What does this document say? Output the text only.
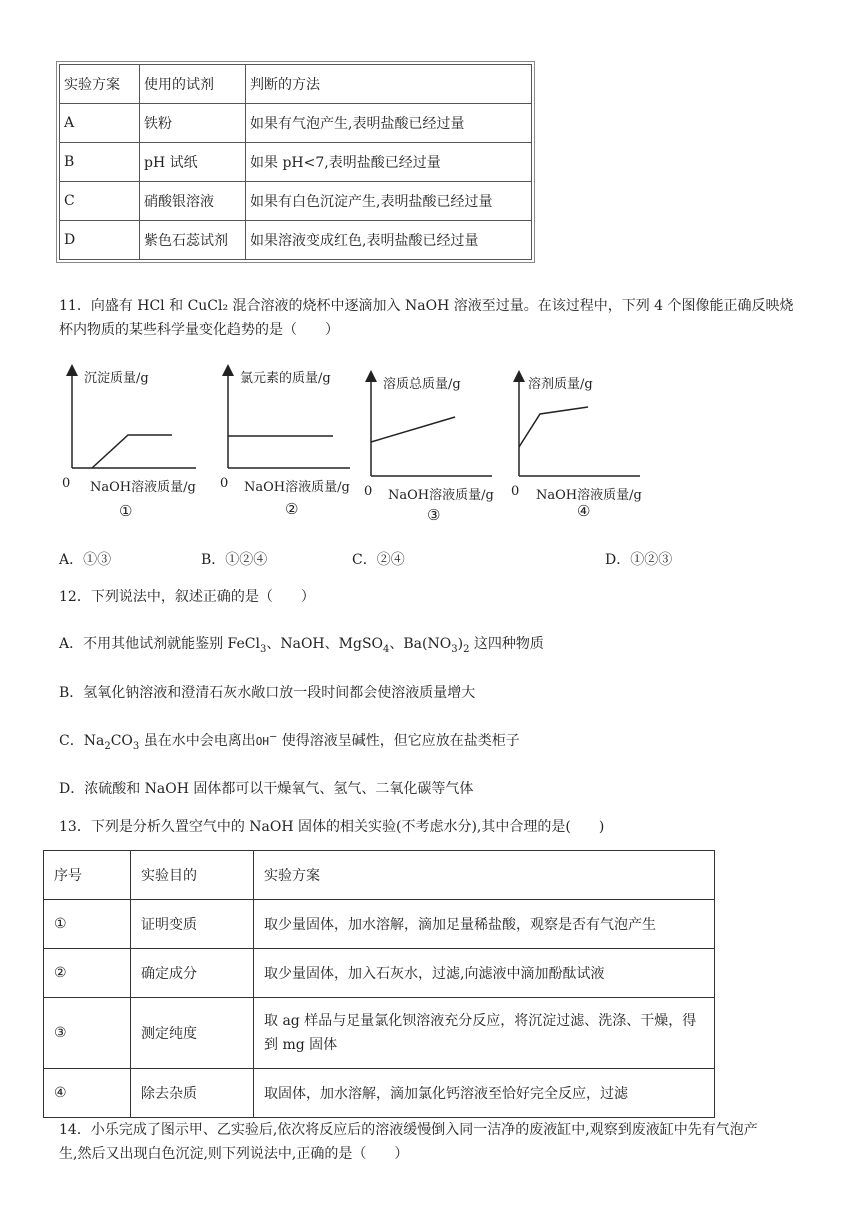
实验方案	使用的试剂	判断的方法
A	铁粉	如果有气泡产生,表明盐酸已经过量
B	pH 试纸	如果 pH<7,表明盐酸已经过量
C	硝酸银溶液	如果有白色沉淀产生,表明盐酸已经过量
D	紫色石蕊试剂	如果溶液变成红色,表明盐酸已经过量
11．向盛有 HCl 和 CuCl₂ 混合溶液的烧杯中逐滴加入 NaOH 溶液至过量。在该过程中，下列 4 个图像能正确反映烧
杯内物质的某些科学量变化趋势的是（　　）
沉淀质量/g
0 NaOH溶液质量/g
①
氯元素的质量/g
0 NaOH溶液质量/g
②
溶质总质量/g
0 NaOH溶液质量/g
③
溶剂质量/g
0 NaOH溶液质量/g
④
A．①③	B．①②④	C．②④	D．①②③
12．下列说法中，叙述正确的是（　　）
A．不用其他试剂就能鉴别 FeCl$_3$、NaOH、MgSO$_4$、$Ba(NO_3)_2$ 这四种物质
B．氢氧化钠溶液和澄清石灰水敞口放一段时间都会使溶液质量增大
C．$Na_2CO_3$ 虽在水中会电离出OH− 使得溶液呈碱性，但它应放在盐类柜子
D．浓硫酸和 NaOH 固体都可以干燥氧气、氢气、二氧化碳等气体
13．下列是分析久置空气中的 NaOH 固体的相关实验(不考虑水分),其中合理的是(　　)
序号	实验目的	实验方案
①	证明变质	取少量固体，加水溶解，滴加足量稀盐酸，观察是否有气泡产生
②	确定成分	取少量固体，加入石灰水，过滤,向滤液中滴加酚酞试液
③	测定纯度	取 ag 样品与足量氯化钡溶液充分反应，将沉淀过滤、洗涤、干燥，得到 mg 固体
④	除去杂质	取固体，加水溶解，滴加氯化钙溶液至恰好完全反应，过滤
14．小乐完成了图示甲、乙实验后,依次将反应后的溶液缓慢倒入同一洁净的废液缸中,观察到废液缸中先有气泡产
生,然后又出现白色沉淀,则下列说法中,正确的是（　　）
